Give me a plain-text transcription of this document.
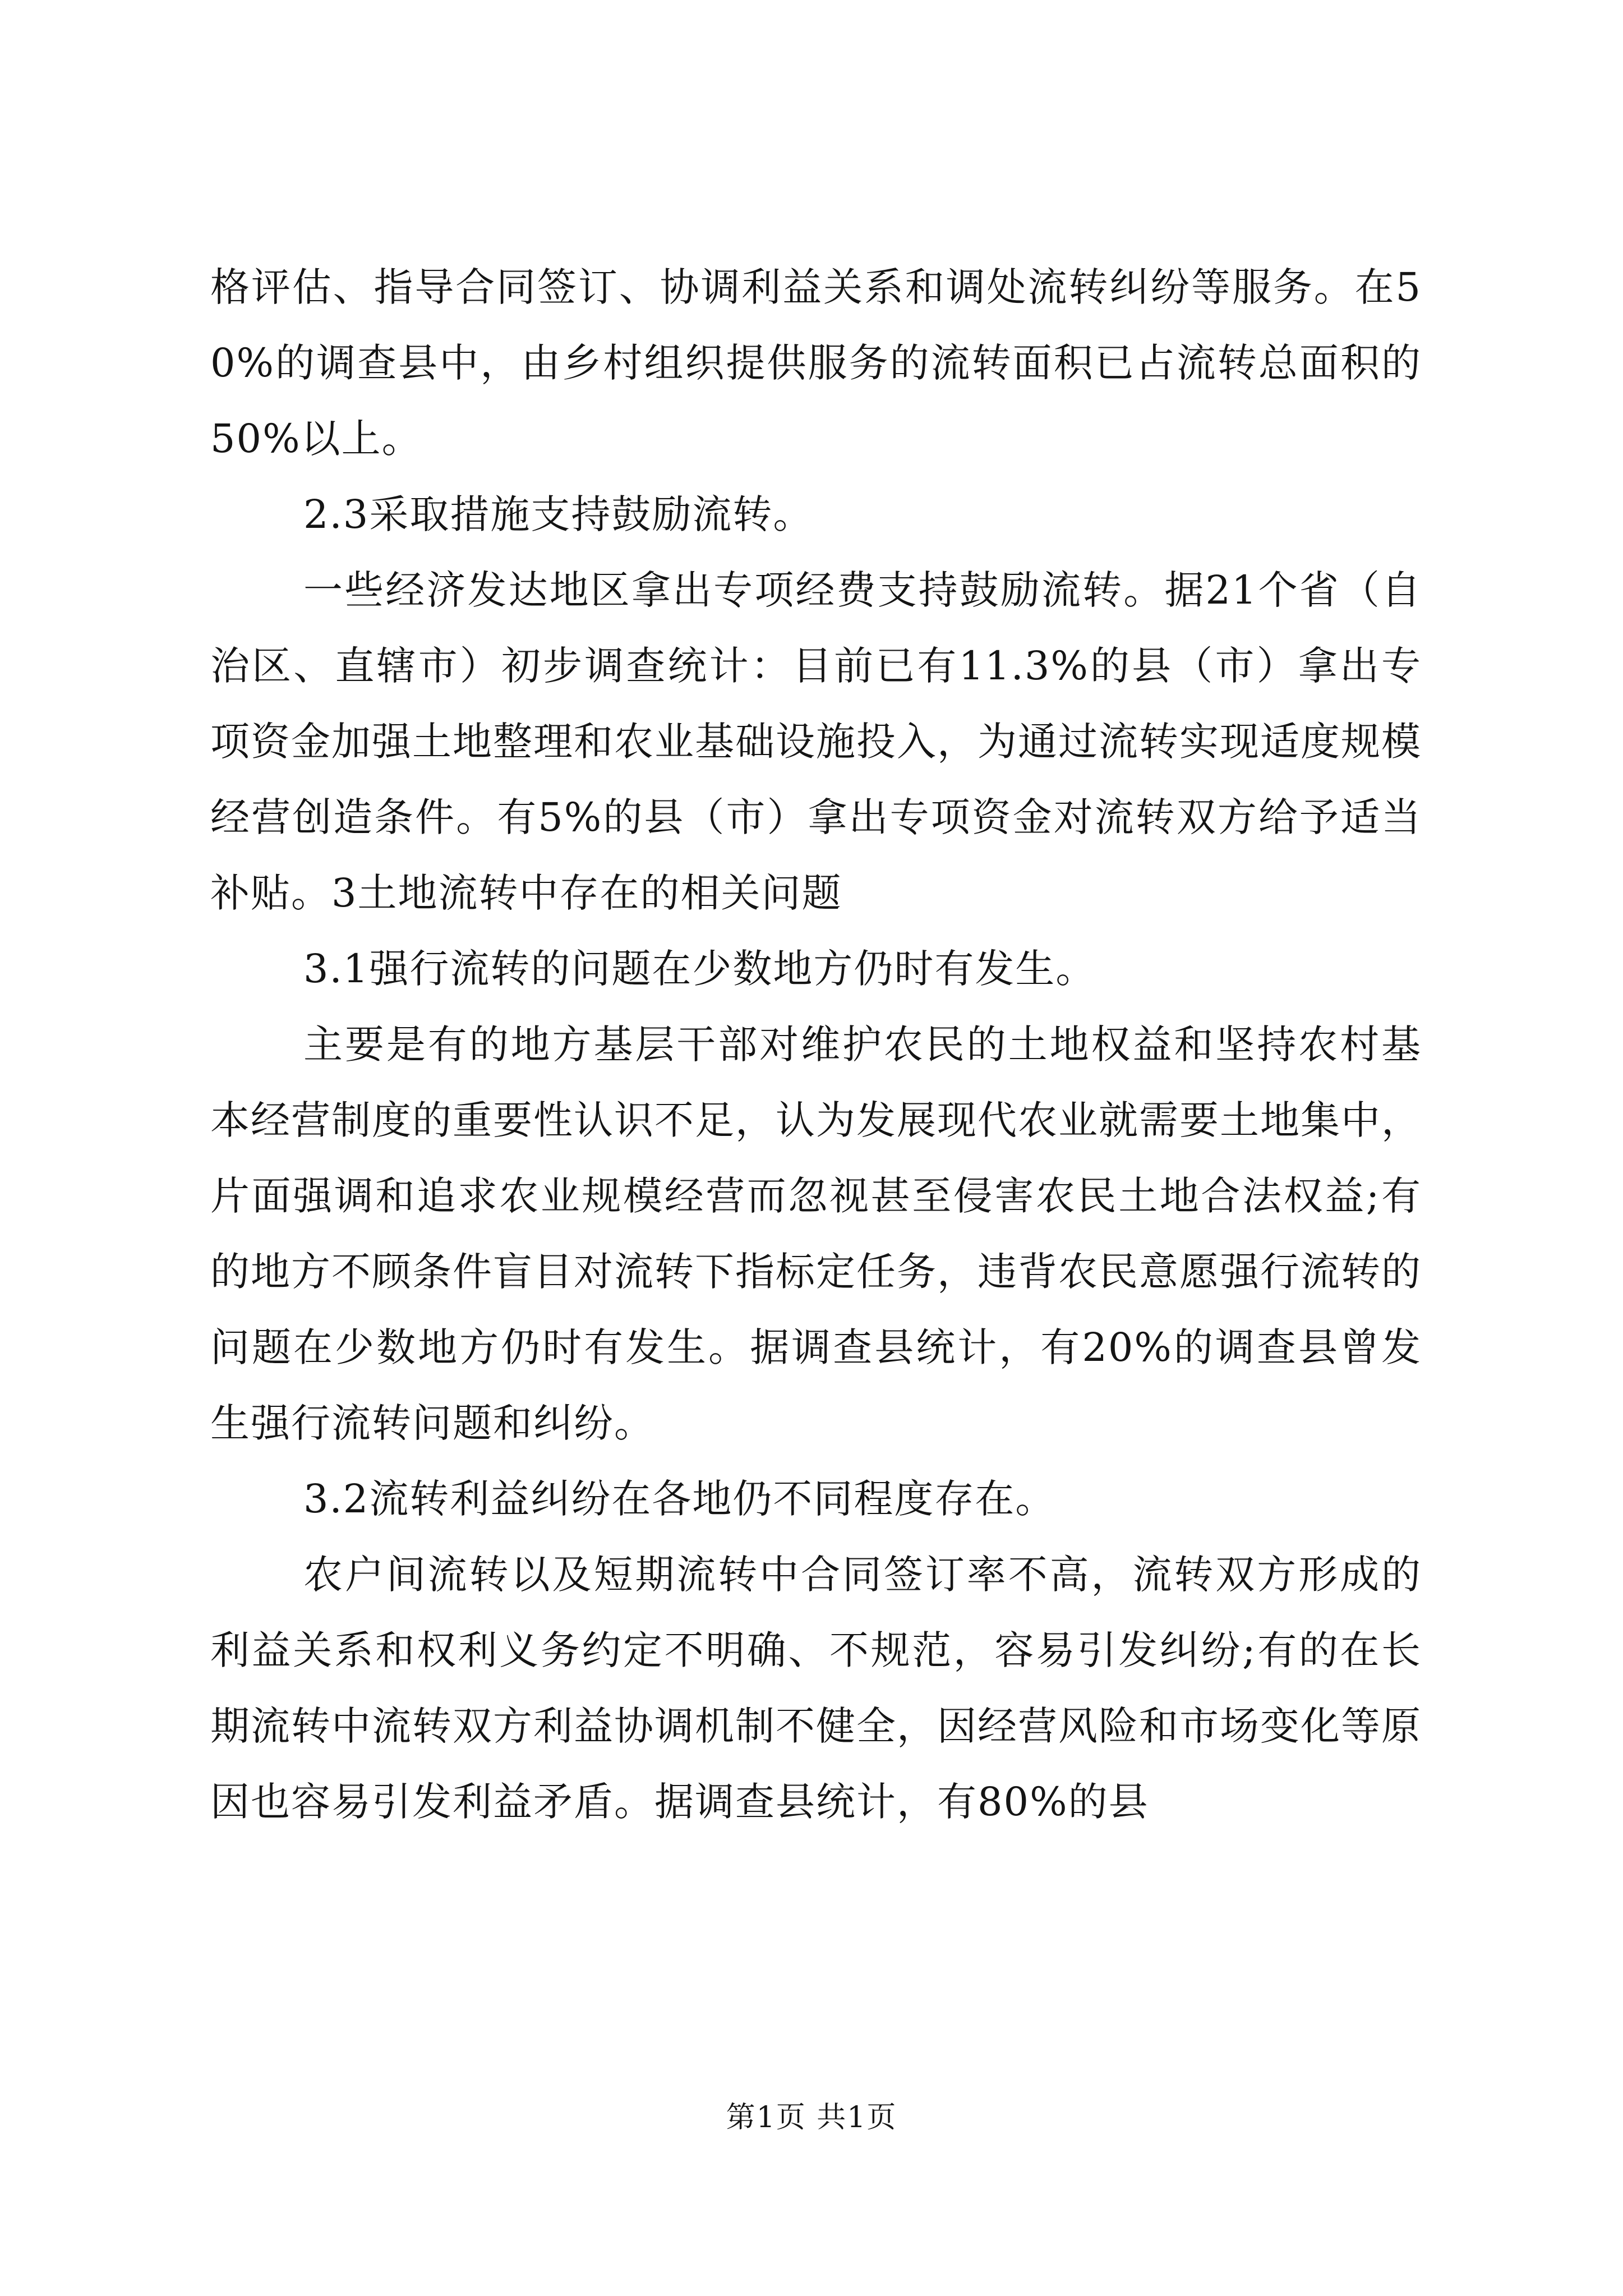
格评估、指导合同签订、协调利益关系和调处流转纠纷等服务。在50%的调查县中，由乡村组织提供服务的流转面积已占流转总面积的50%以上。

2.3采取措施支持鼓励流转。

一些经济发达地区拿出专项经费支持鼓励流转。据21个省（自治区、直辖市）初步调查统计：目前已有11.3%的县（市）拿出专项资金加强土地整理和农业基础设施投入，为通过流转实现适度规模经营创造条件。有5%的县（市）拿出专项资金对流转双方给予适当补贴。3土地流转中存在的相关问题

3.1强行流转的问题在少数地方仍时有发生。

主要是有的地方基层干部对维护农民的土地权益和坚持农村基本经营制度的重要性认识不足，认为发展现代农业就需要土地集中，片面强调和追求农业规模经营而忽视甚至侵害农民土地合法权益;有的地方不顾条件盲目对流转下指标定任务，违背农民意愿强行流转的问题在少数地方仍时有发生。据调查县统计，有20%的调查县曾发生强行流转问题和纠纷。

3.2流转利益纠纷在各地仍不同程度存在。

农户间流转以及短期流转中合同签订率不高，流转双方形成的利益关系和权利义务约定不明确、不规范，容易引发纠纷;有的在长期流转中流转双方利益协调机制不健全，因经营风险和市场变化等原因也容易引发利益矛盾。据调查县统计，有80%的县

第1页 共1页
